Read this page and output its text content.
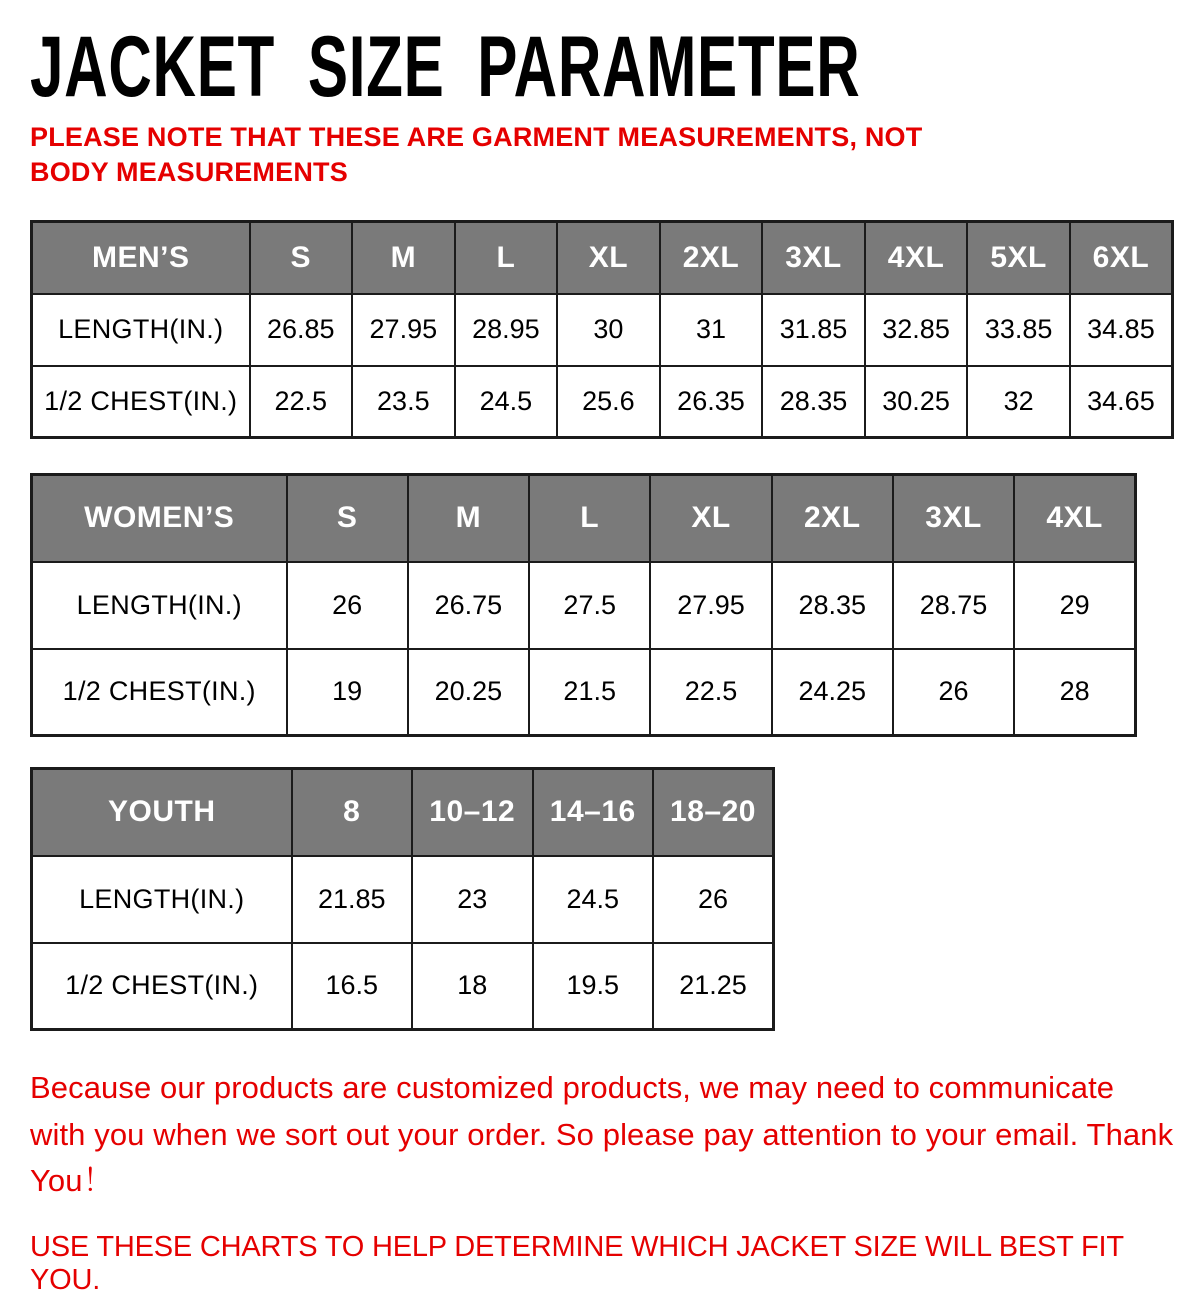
JACKET SIZE PARAMETER
PLEASE NOTE THAT THESE ARE GARMENT MEASUREMENTS, NOT BODY MEASUREMENTS
MEN’S	S	M	L	XL	2XL	3XL	4XL	5XL	6XL
LENGTH(IN.)	26.85	27.95	28.95	30	31	31.85	32.85	33.85	34.85
1/2 CHEST(IN.)	22.5	23.5	24.5	25.6	26.35	28.35	30.25	32	34.65
WOMEN’S	S	M	L	XL	2XL	3XL	4XL
LENGTH(IN.)	26	26.75	27.5	27.95	28.35	28.75	29
1/2 CHEST(IN.)	19	20.25	21.5	22.5	24.25	26	28
YOUTH	8	10–12	14–16	18–20
LENGTH(IN.)	21.85	23	24.5	26
1/2 CHEST(IN.)	16.5	18	19.5	21.25
Because our products are customized products, we may need to communicate with you when we sort out your order. So please pay attention to your email. Thank You！
USE THESE CHARTS TO HELP DETERMINE WHICH JACKET SIZE WILL BEST FIT YOU.
